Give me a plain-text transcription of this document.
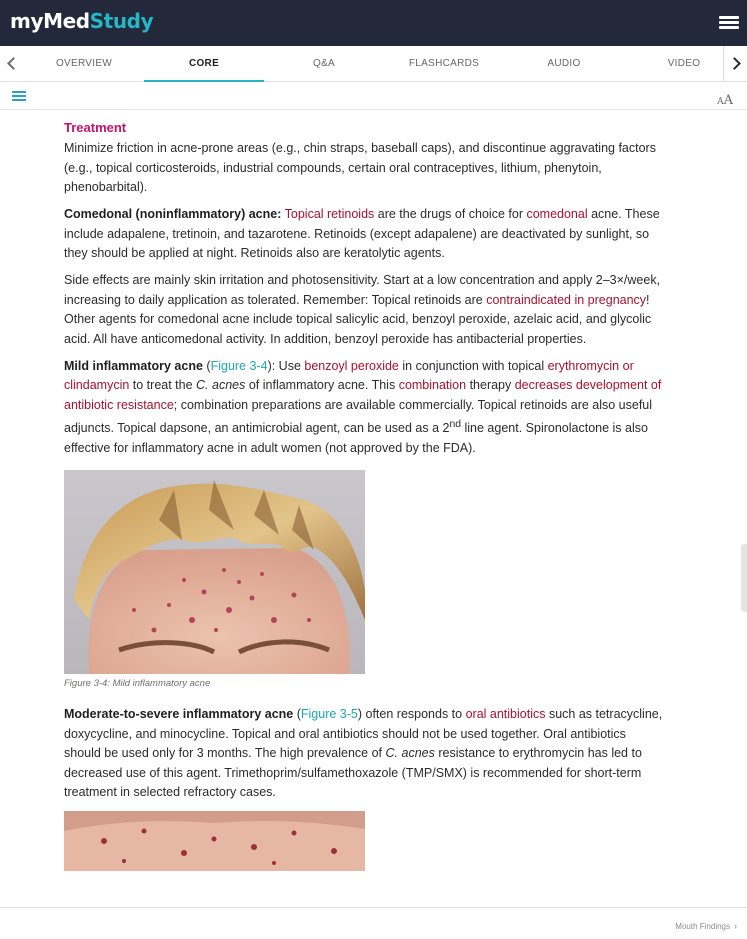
myMedStudy
OVERVIEW	CORE	Q&A	FLASHCARDS	AUDIO	VIDEO
AA
Treatment

Minimize friction in acne-prone areas (e.g., chin straps, baseball caps), and discontinue aggravating factors (e.g., topical corticosteroids, industrial compounds, certain oral contraceptives, lithium, phenytoin, phenobarbital).

Comedonal (noninflammatory) acne: Topical retinoids are the drugs of choice for comedonal acne. These include adapalene, tretinoin, and tazarotene. Retinoids (except adapalene) are deactivated by sunlight, so they should be applied at night. Retinoids also are keratolytic agents.

Side effects are mainly skin irritation and photosensitivity. Start at a low concentration and apply 2–3×/week, increasing to daily application as tolerated. Remember: Topical retinoids are contraindicated in pregnancy! Other agents for comedonal acne include topical salicylic acid, benzoyl peroxide, azelaic acid, and glycolic acid. All have anticomedonal activity. In addition, benzoyl peroxide has antibacterial properties.

Mild inflammatory acne (Figure 3-4): Use benzoyl peroxide in conjunction with topical erythromycin or clindamycin to treat the C. acnes of inflammatory acne. This combination therapy decreases development of antibiotic resistance; combination preparations are available commercially. Topical retinoids are also useful adjuncts. Topical dapsone, an antimicrobial agent, can be used as a 2nd line agent. Spironolactone is also effective for inflammatory acne in adult women (not approved by the FDA).

Figure 3-4: Mild inflammatory acne

Moderate-to-severe inflammatory acne (Figure 3-5) often responds to oral antibiotics such as tetracycline, doxycycline, and minocycline. Topical and oral antibiotics should not be used together. Oral antibiotics should be used only for 3 months. The high prevalence of C. acnes resistance to erythromycin has led to decreased use of this agent. Trimethoprim/sulfamethoxazole (TMP/SMX) is recommended for short-term treatment in selected refractory cases.

Mouth Findings ›
